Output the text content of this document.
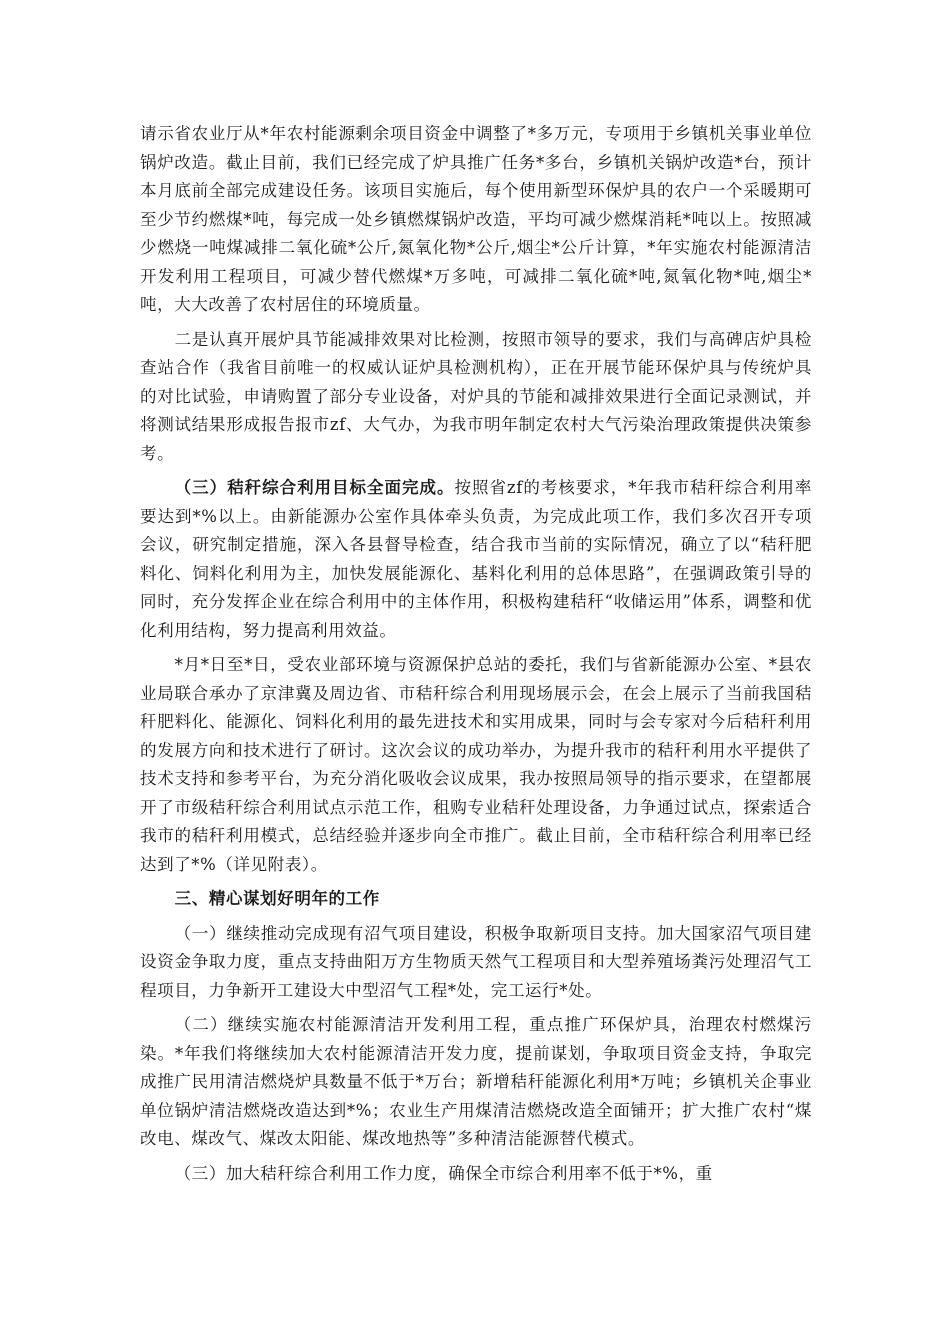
请示省农业厅从*年农村能源剩余项目资金中调整了*多万元，专项用于乡镇机关事业单位锅炉改造。截止目前，我们已经完成了炉具推广任务*多台，乡镇机关锅炉改造*台，预计本月底前全部完成建设任务。该项目实施后，每个使用新型环保炉具的农户一个采暖期可至少节约燃煤*吨，每完成一处乡镇燃煤锅炉改造，平均可减少燃煤消耗*吨以上。按照减少燃烧一吨煤减排二氧化硫*公斤,氮氧化物*公斤,烟尘*公斤计算，*年实施农村能源清洁开发利用工程项目，可减少替代燃煤*万多吨，可减排二氧化硫*吨,氮氧化物*吨,烟尘*吨，大大改善了农村居住的环境质量。

二是认真开展炉具节能减排效果对比检测，按照市领导的要求，我们与高碑店炉具检查站合作（我省目前唯一的权威认证炉具检测机构），正在开展节能环保炉具与传统炉具的对比试验，申请购置了部分专业设备，对炉具的节能和减排效果进行全面记录测试，并将测试结果形成报告报市zf、大气办，为我市明年制定农村大气污染治理政策提供决策参考。

（三）秸秆综合利用目标全面完成。按照省zf的考核要求，*年我市秸秆综合利用率要达到*%以上。由新能源办公室作具体牵头负责，为完成此项工作，我们多次召开专项会议，研究制定措施，深入各县督导检查，结合我市当前的实际情况，确立了以“秸秆肥料化、饲料化利用为主，加快发展能源化、基料化利用的总体思路”，在强调政策引导的同时，充分发挥企业在综合利用中的主体作用，积极构建秸秆“收储运用”体系，调整和优化利用结构，努力提高利用效益。

*月*日至*日，受农业部环境与资源保护总站的委托，我们与省新能源办公室、*县农业局联合承办了京津冀及周边省、市秸秆综合利用现场展示会，在会上展示了当前我国秸秆肥料化、能源化、饲料化利用的最先进技术和实用成果，同时与会专家对今后秸秆利用的发展方向和技术进行了研讨。这次会议的成功举办，为提升我市的秸秆利用水平提供了技术支持和参考平台，为充分消化吸收会议成果，我办按照局领导的指示要求，在望都展开了市级秸秆综合利用试点示范工作，租购专业秸秆处理设备，力争通过试点，探索适合我市的秸秆利用模式，总结经验并逐步向全市推广。截止目前，全市秸秆综合利用率已经达到了*%（详见附表）。

三、精心谋划好明年的工作

（一）继续推动完成现有沼气项目建设，积极争取新项目支持。加大国家沼气项目建设资金争取力度，重点支持曲阳万方生物质天然气工程项目和大型养殖场粪污处理沼气工程项目，力争新开工建设大中型沼气工程*处，完工运行*处。

（二）继续实施农村能源清洁开发利用工程，重点推广环保炉具，治理农村燃煤污染。*年我们将继续加大农村能源清洁开发力度，提前谋划，争取项目资金支持，争取完成推广民用清洁燃烧炉具数量不低于*万台；新增秸秆能源化利用*万吨；乡镇机关企事业单位锅炉清洁燃烧改造达到*%；农业生产用煤清洁燃烧改造全面铺开；扩大推广农村“煤改电、煤改气、煤改太阳能、煤改地热等”多种清洁能源替代模式。

（三）加大秸秆综合利用工作力度，确保全市综合利用率不低于*%，重
